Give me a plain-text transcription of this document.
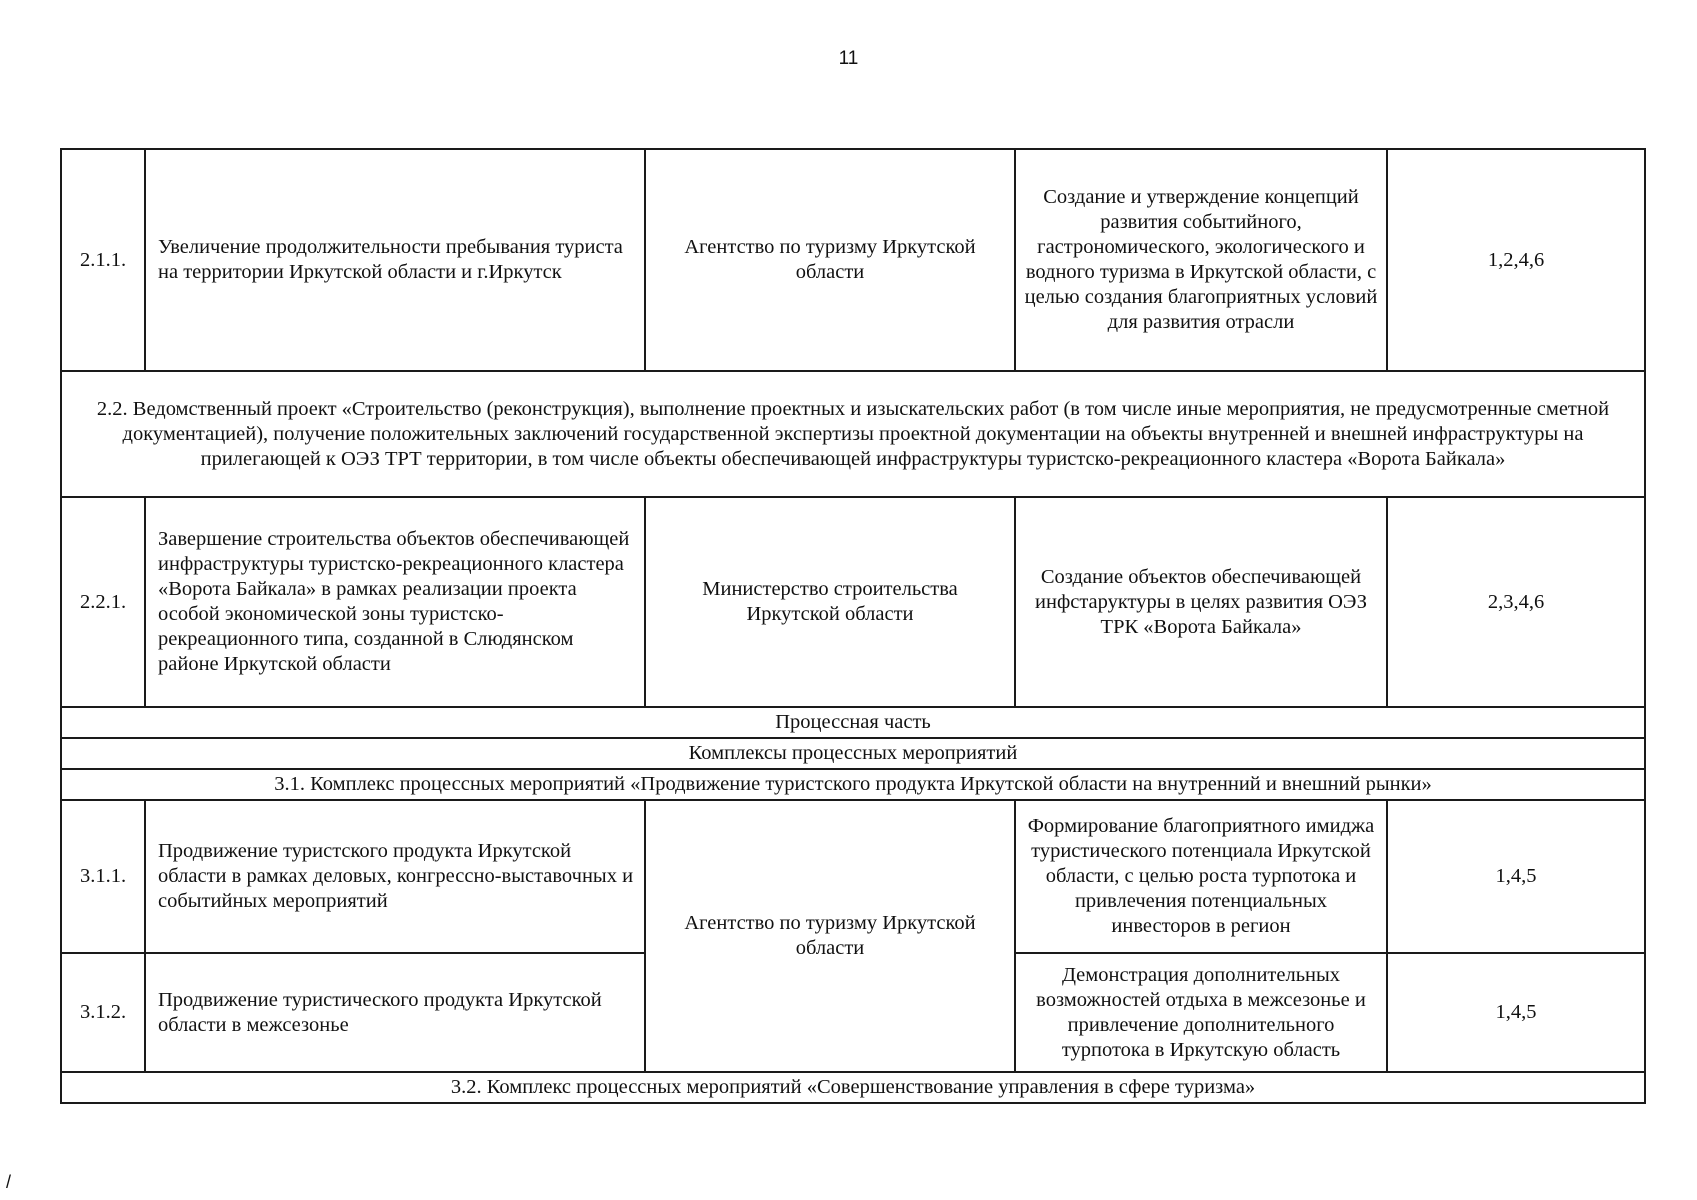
11
2.1.1.	Увеличение продолжительности пребывания туриста на территории Иркутской области и г.Иркутск	Агентство по туризму Иркутской области	Создание и утверждение концепций развития событийного, гастрономического, экологического и водного туризма в Иркутской области, с целью создания благоприятных условий для развития отрасли	1,2,4,6
2.2. Ведомственный проект «Строительство (реконструкция), выполнение проектных и изыскательских работ (в том числе иные мероприятия, не предусмотренные сметной документацией), получение положительных заключений государственной экспертизы проектной документации на объекты внутренней и внешней инфраструктуры на прилегающей к ОЭЗ ТРТ территории, в том числе объекты обеспечивающей инфраструктуры туристско-рекреационного кластера «Ворота Байкала»				
2.2.1.	Завершение строительства объектов обеспечивающей инфраструктуры туристско-рекреационного кластера «Ворота Байкала» в рамках реализации проекта особой экономической зоны туристско-рекреационного типа, созданной в Слюдянском районе Иркутской области	Министерство строительства Иркутской области	Создание объектов обеспечивающей инфстаруктуры в целях развития ОЭЗ ТРК «Ворота Байкала»	2,3,4,6
Процессная часть				
Комплексы процессных мероприятий				
3.1. Комплекс процессных мероприятий «Продвижение туристского продукта Иркутской области на внутренний и внешний рынки»				
3.1.1.	Продвижение туристского продукта Иркутской области в рамках деловых, конгрессно-выставочных и событийных мероприятий	Агентство по туризму Иркутской области	Формирование благоприятного имиджа туристического потенциала Иркутской области, с целью роста турпотока и привлечения потенциальных инвесторов в регион	1,4,5
3.1.2.	Продвижение туристического продукта Иркутской области в межсезонье		Демонстрация дополнительных возможностей отдыха в межсезонье и привлечение дополнительного турпотока в Иркутскую область	1,4,5
3.2. Комплекс процессных мероприятий «Совершенствование управления в сфере туризма»				
/
